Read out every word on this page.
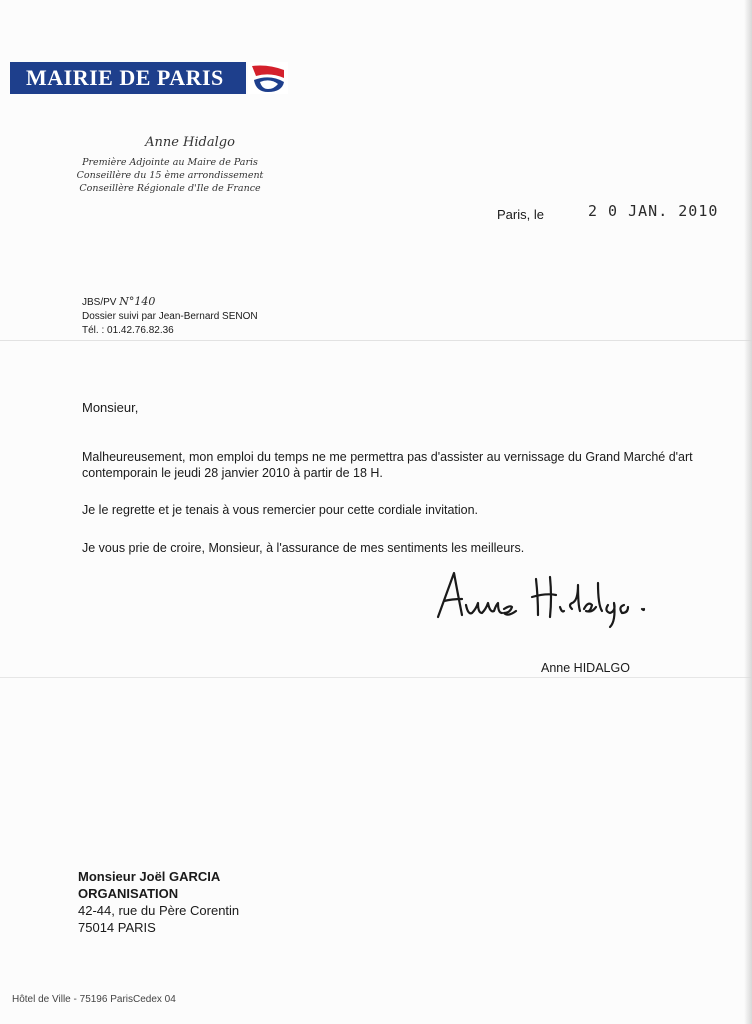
MAIRIE DE PARIS
Anne Hidalgo
Première Adjointe au Maire de Paris
Conseillère du 15 ème arrondissement
Conseillère Régionale d'Ile de France
Paris, le	2 0 JAN. 2010
JBS/PV N°140
Dossier suivi par Jean-Bernard SENON
Tél. : 01.42.76.82.36
Monsieur,
Malheureusement, mon emploi du temps ne me permettra pas d'assister au vernissage du Grand Marché d'art contemporain le jeudi 28 janvier 2010 à partir de 18 H.
Je le regrette et je tenais à vous remercier pour cette cordiale invitation.
Je vous prie de croire, Monsieur, à l'assurance de mes sentiments les meilleurs.
Anne HIDALGO
Monsieur Joël GARCIA
ORGANISATION
42-44, rue du Père Corentin
75014 PARIS
Hôtel de Ville - 75196 ParisCedex 04
